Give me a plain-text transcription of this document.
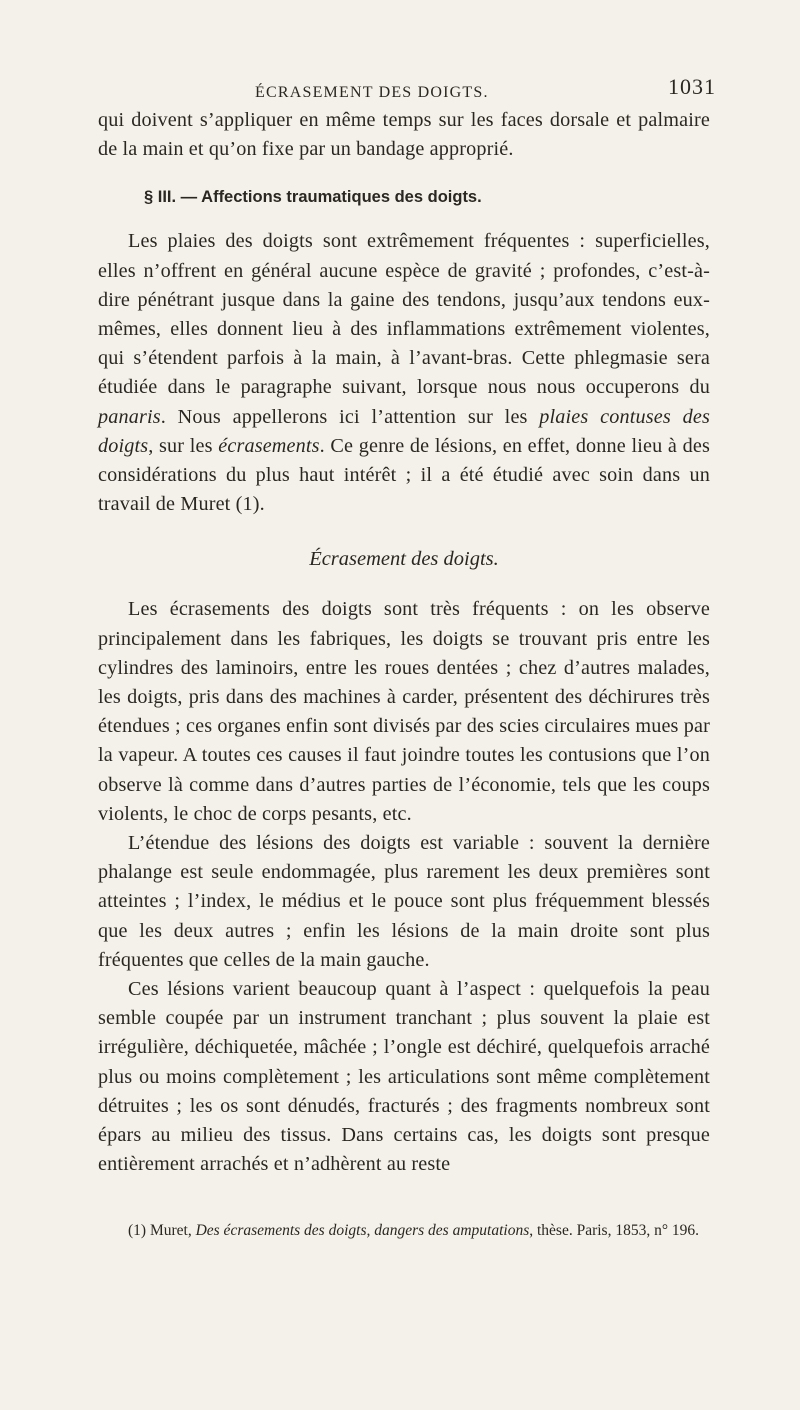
ÉCRASEMENT DES DOIGTS.	1031

qui doivent s’appliquer en même temps sur les faces dorsale et palmaire de la main et qu’on fixe par un bandage approprié.

§ III. — Affections traumatiques des doigts.

Les plaies des doigts sont extrêmement fréquentes : superficielles, elles n’offrent en général aucune espèce de gravité ; profondes, c’est-à-dire pénétrant jusque dans la gaine des tendons, jusqu’aux tendons eux-mêmes, elles donnent lieu à des inflammations extrêmement violentes, qui s’étendent parfois à la main, à l’avant-bras. Cette phlegmasie sera étudiée dans le paragraphe suivant, lorsque nous nous occuperons du panaris. Nous appellerons ici l’attention sur les plaies contuses des doigts, sur les écrasements. Ce genre de lésions, en effet, donne lieu à des considérations du plus haut intérêt ; il a été étudié avec soin dans un travail de Muret (1).

Écrasement des doigts.

Les écrasements des doigts sont très fréquents : on les observe principalement dans les fabriques, les doigts se trouvant pris entre les cylindres des laminoirs, entre les roues dentées ; chez d’autres malades, les doigts, pris dans des machines à carder, présentent des déchirures très étendues ; ces organes enfin sont divisés par des scies circulaires mues par la vapeur. A toutes ces causes il faut joindre toutes les contusions que l’on observe là comme dans d’autres parties de l’économie, tels que les coups violents, le choc de corps pesants, etc.

L’étendue des lésions des doigts est variable : souvent la dernière phalange est seule endommagée, plus rarement les deux premières sont atteintes ; l’index, le médius et le pouce sont plus fréquemment blessés que les deux autres ; enfin les lésions de la main droite sont plus fréquentes que celles de la main gauche.

Ces lésions varient beaucoup quant à l’aspect : quelquefois la peau semble coupée par un instrument tranchant ; plus souvent la plaie est irrégulière, déchiquetée, mâchée ; l’ongle est déchiré, quelquefois arraché plus ou moins complètement ; les articulations sont même complètement détruites ; les os sont dénudés, fracturés ; des fragments nombreux sont épars au milieu des tissus. Dans certains cas, les doigts sont presque entièrement arrachés et n’adhèrent au reste

(1) Muret, Des écrasements des doigts, dangers des amputations, thèse. Paris, 1853, n° 196.
